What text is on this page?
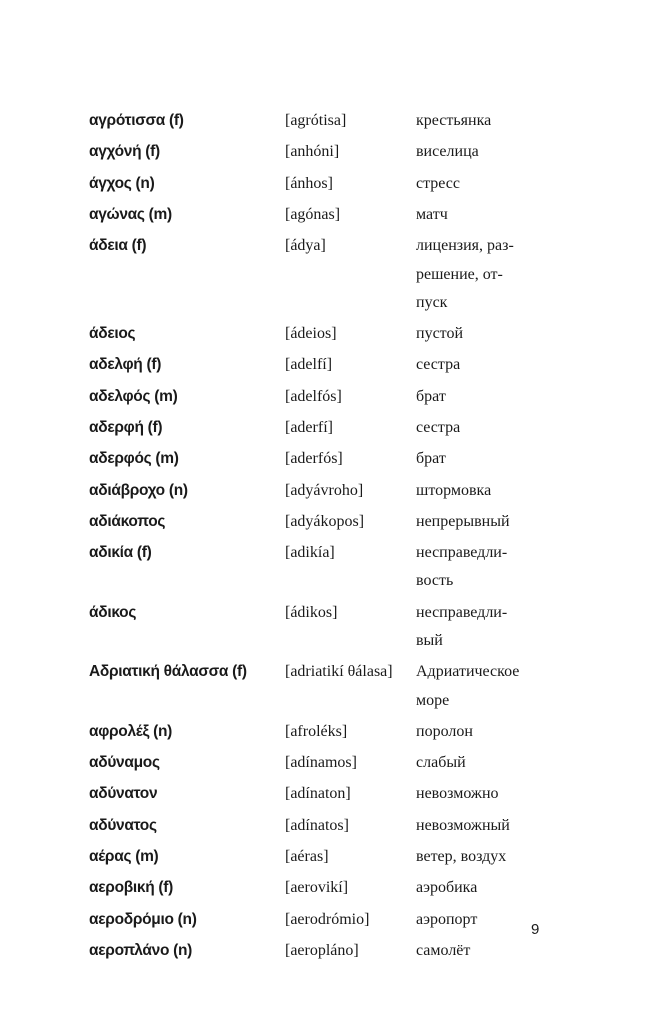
αγρότισσα (f)	[agrótisa]	крестьянка
αγχόνή (f)	[anhóni]	виселица
άγχος (n)	[ánhos]	стресс
αγώνας (m)	[agónas]	матч
άδεια (f)	[ádya]	лицензия, раз-
решение, от-
пуск
άδειος	[ádeios]	пустой
αδελφή (f)	[adelfí]	сестра
αδελφός (m)	[adelfós]	брат
αδερφή (f)	[aderfí]	сестра
αδερφός (m)	[aderfós]	брат
αδιάβροχο (n)	[adyávroho]	штормовка
αδιάκοπος	[adyákopos]	непрерывный
αδικία (f)	[adikía]	несправедли-
вость
άδικος	[ádikos]	несправедли-
вый
Αδριατική θάλασσα (f)	[adriatikí θálasa]	Адриатическое
море
αφρολέξ (n)	[afroléks]	поролон
αδύναμος	[adínamos]	слабый
αδύνατον	[adínaton]	невозможно
αδύνατος	[adínatos]	невозможный
αέρας (m)	[aéras]	ветер, воздух
αεροβική (f)	[aerovikí]	аэробика
αεροδρόμιο (n)	[aerodrómio]	аэропорт
αεροπλάνο (n)	[aeropláno]	самолёт
9
